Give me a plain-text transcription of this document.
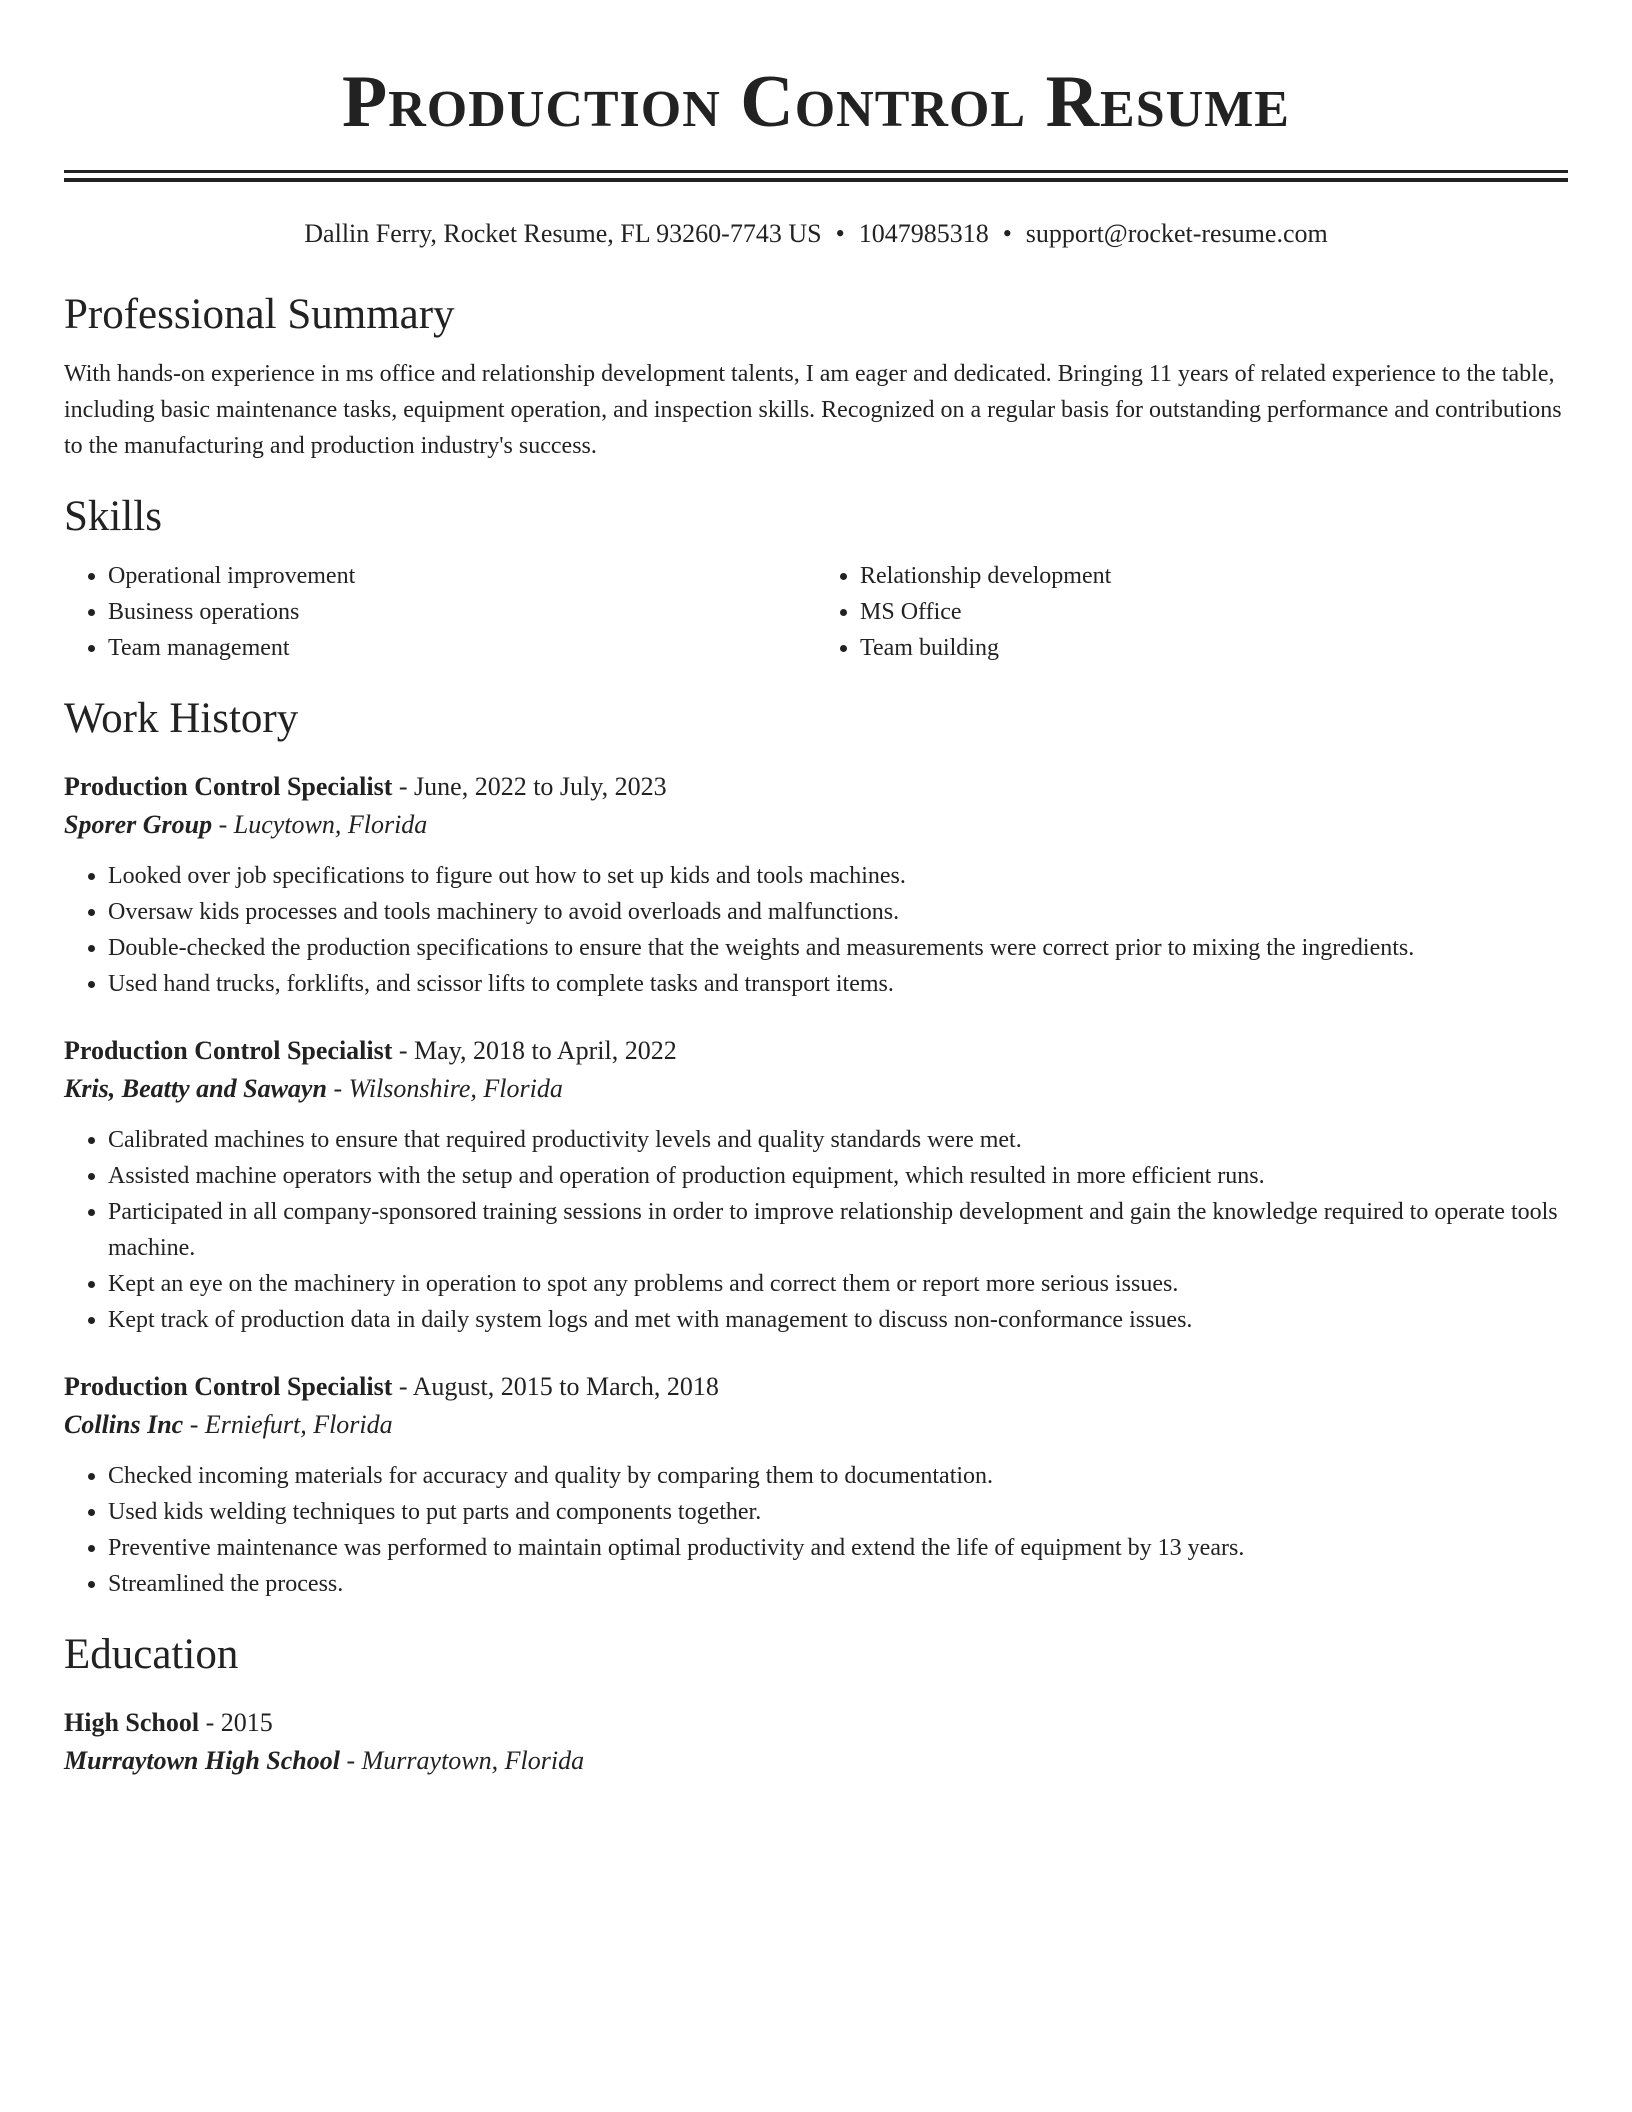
Production Control Resume
Dallin Ferry, Rocket Resume, FL 93260-7743 US • 1047985318 • support@rocket-resume.com
Professional Summary

With hands-on experience in ms office and relationship development talents, I am eager and dedicated. Bringing 11 years of related experience to the table, including basic maintenance tasks, equipment operation, and inspection skills. Recognized on a regular basis for outstanding performance and contributions to the manufacturing and production industry's success.

Skills
• Operational improvement
• Business operations
• Team management
• Relationship development
• MS Office
• Team building
Work History
Production Control Specialist - June, 2022 to July, 2023
Sporer Group - Lucytown, Florida
• Looked over job specifications to figure out how to set up kids and tools machines.
• Oversaw kids processes and tools machinery to avoid overloads and malfunctions.
• Double-checked the production specifications to ensure that the weights and measurements were correct prior to mixing the ingredients.
• Used hand trucks, forklifts, and scissor lifts to complete tasks and transport items.
Production Control Specialist - May, 2018 to April, 2022
Kris, Beatty and Sawayn - Wilsonshire, Florida
• Calibrated machines to ensure that required productivity levels and quality standards were met.
• Assisted machine operators with the setup and operation of production equipment, which resulted in more efficient runs.
• Participated in all company-sponsored training sessions in order to improve relationship development and gain the knowledge required to operate tools machine.
• Kept an eye on the machinery in operation to spot any problems and correct them or report more serious issues.
• Kept track of production data in daily system logs and met with management to discuss non-conformance issues.
Production Control Specialist - August, 2015 to March, 2018
Collins Inc - Erniefurt, Florida
• Checked incoming materials for accuracy and quality by comparing them to documentation.
• Used kids welding techniques to put parts and components together.
• Preventive maintenance was performed to maintain optimal productivity and extend the life of equipment by 13 years.
• Streamlined the process.
Education
High School - 2015
Murraytown High School - Murraytown, Florida
